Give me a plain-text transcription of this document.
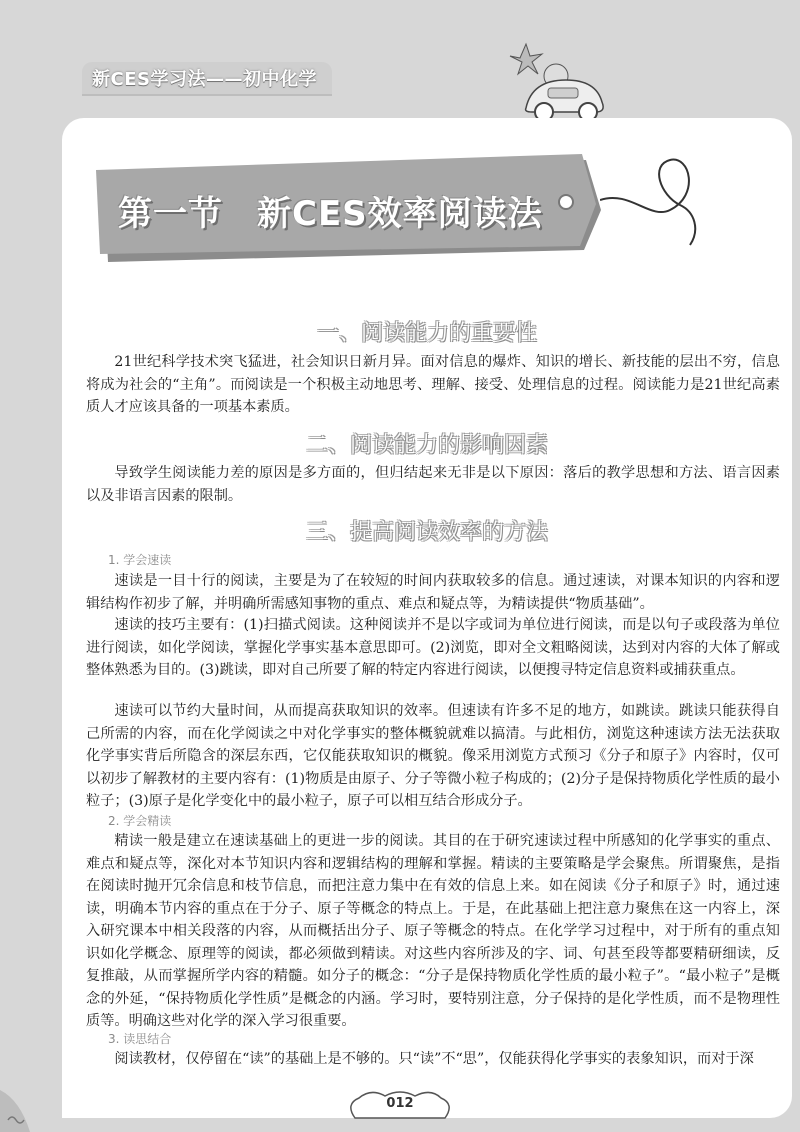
新CES学习法——初中化学
第一节 新CES效率阅读法
一、阅读能力的重要性

21世纪科学技术突飞猛进，社会知识日新月异。面对信息的爆炸、知识的增长、新技能的层出不穷，信息将成为社会的“主角”。而阅读是一个积极主动地思考、理解、接受、处理信息的过程。阅读能力是21世纪高素质人才应该具备的一项基本素质。

二、阅读能力的影响因素

导致学生阅读能力差的原因是多方面的，但归结起来无非是以下原因：落后的教学思想和方法、语言因素以及非语言因素的限制。

三、提高阅读效率的方法
1. 学会速读

速读是一目十行的阅读，主要是为了在较短的时间内获取较多的信息。通过速读，对课本知识的内容和逻辑结构作初步了解，并明确所需感知事物的重点、难点和疑点等，为精读提供“物质基础”。

速读的技巧主要有：(1)扫描式阅读。这种阅读并不是以字或词为单位进行阅读，而是以句子或段落为单位进行阅读，如化学阅读，掌握化学事实基本意思即可。(2)浏览，即对全文粗略阅读，达到对内容的大体了解或整体熟悉为目的。(3)跳读，即对自己所要了解的特定内容进行阅读，以便搜寻特定信息资料或捕获重点。

速读可以节约大量时间，从而提高获取知识的效率。但速读有许多不足的地方，如跳读。跳读只能获得自己所需的内容，而在化学阅读之中对化学事实的整体概貌就难以搞清。与此相仿，浏览这种速读方法无法获取化学事实背后所隐含的深层东西，它仅能获取知识的概貌。像采用浏览方式预习《分子和原子》内容时，仅可以初步了解教材的主要内容有：(1)物质是由原子、分子等微小粒子构成的；(2)分子是保持物质化学性质的最小粒子；(3)原子是化学变化中的最小粒子，原子可以相互结合形成分子。

2. 学会精读

精读一般是建立在速读基础上的更进一步的阅读。其目的在于研究速读过程中所感知的化学事实的重点、难点和疑点等，深化对本节知识内容和逻辑结构的理解和掌握。精读的主要策略是学会聚焦。所谓聚焦，是指在阅读时抛开冗余信息和枝节信息，而把注意力集中在有效的信息上来。如在阅读《分子和原子》时，通过速读，明确本节内容的重点在于分子、原子等概念的特点上。于是，在此基础上把注意力聚焦在这一内容上，深入研究课本中相关段落的内容，从而概括出分子、原子等概念的特点。在化学学习过程中，对于所有的重点知识如化学概念、原理等的阅读，都必须做到精读。对这些内容所涉及的字、词、句甚至段等都要精研细读，反复推敲，从而掌握所学内容的精髓。如分子的概念：“分子是保持物质化学性质的最小粒子”。“最小粒子”是概念的外延，“保持物质化学性质”是概念的内涵。学习时，要特别注意，分子保持的是化学性质，而不是物理性质等。明确这些对化学的深入学习很重要。

3. 读思结合

阅读教材，仅停留在“读”的基础上是不够的。只“读”不“思”，仅能获得化学事实的表象知识，而对于深

012
